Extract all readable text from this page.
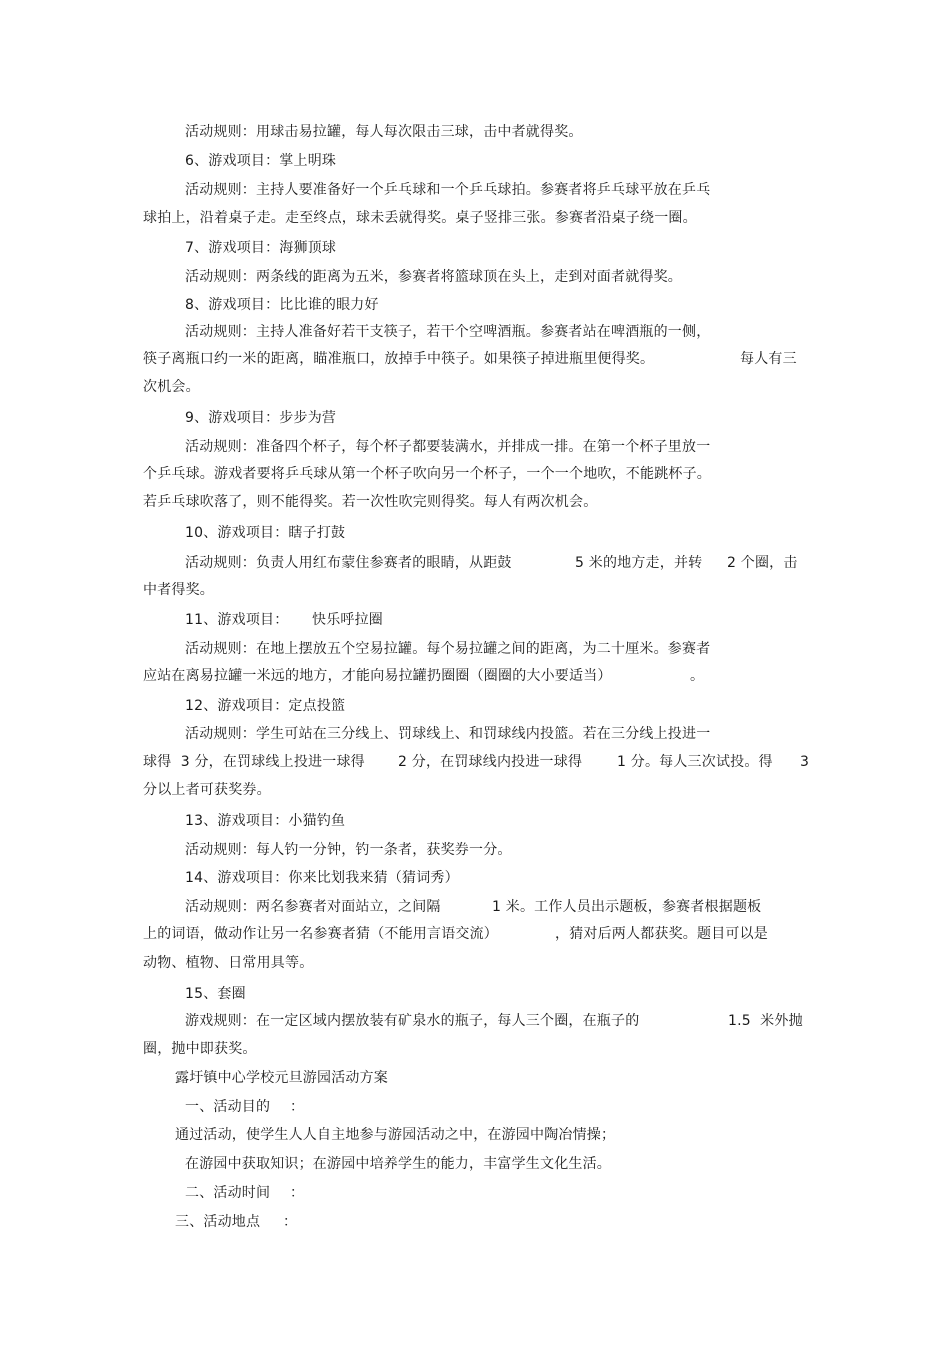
活动规则：用球击易拉罐，每人每次限击三球，击中者就得奖。
6、游戏项目：掌上明珠
活动规则：主持人要准备好一个乒乓球和一个乒乓球拍。参赛者将乒乓球平放在乒乓
球拍上，沿着桌子走。走至终点，球未丢就得奖。桌子竖排三张。参赛者沿桌子绕一圈。
7、游戏项目：海狮顶球
活动规则：两条线的距离为五米，参赛者将篮球顶在头上，走到对面者就得奖。
8、游戏项目：比比谁的眼力好
活动规则：主持人准备好若干支筷子，若干个空啤酒瓶。参赛者站在啤酒瓶的一侧，
筷子离瓶口约一米的距离，瞄准瓶口，放掉手中筷子。如果筷子掉进瓶里便得奖。	每人有三
次机会。
9、游戏项目：步步为营
活动规则：准备四个杯子，每个杯子都要装满水，并排成一排。在第一个杯子里放一
个乒乓球。游戏者要将乒乓球从第一个杯子吹向另一个杯子，一个一个地吹，不能跳杯子。
若乒乓球吹落了，则不能得奖。若一次性吹完则得奖。每人有两次机会。
10、游戏项目：瞎子打鼓
活动规则：负责人用红布蒙住参赛者的眼睛，从距鼓	5 米的地方走，并转 2 个圈，击
中者得奖。
11、游戏项目： 快乐呼拉圈
活动规则：在地上摆放五个空易拉罐。每个易拉罐之间的距离，为二十厘米。参赛者
应站在离易拉罐一米远的地方，才能向易拉罐扔圈圈（圈圈的大小要适当）	。
12、游戏项目：定点投篮
活动规则：学生可站在三分线上、罚球线上、和罚球线内投篮。若在三分线上投进一
球得  3 分，在罚球线上投进一球得 2 分，在罚球线内投进一球得 1 分。每人三次试投。得 3
分以上者可获奖券。
13、游戏项目：小猫钓鱼
活动规则：每人钓一分钟，钓一条者，获奖券一分。
14、游戏项目：你来比划我来猜（猜词秀）
活动规则：两名参赛者对面站立，之间隔	1 米。工作人员出示题板，参赛者根据题板
上的词语，做动作让另一名参赛者猜（不能用言语交流）	，猜对后两人都获奖。题目可以是
动物、植物、日常用具等。
15、套圈
游戏规则：在一定区域内摆放装有矿泉水的瓶子，每人三个圈，在瓶子的	1.5  米外抛
圈，抛中即获奖。
露圩镇中心学校元旦游园活动方案
一、活动目的 ：
通过活动，使学生人人自主地参与游园活动之中，在游园中陶冶情操；
在游园中获取知识；在游园中培养学生的能力，丰富学生文化生活。
二、活动时间 ：
三、活动地点 ：
